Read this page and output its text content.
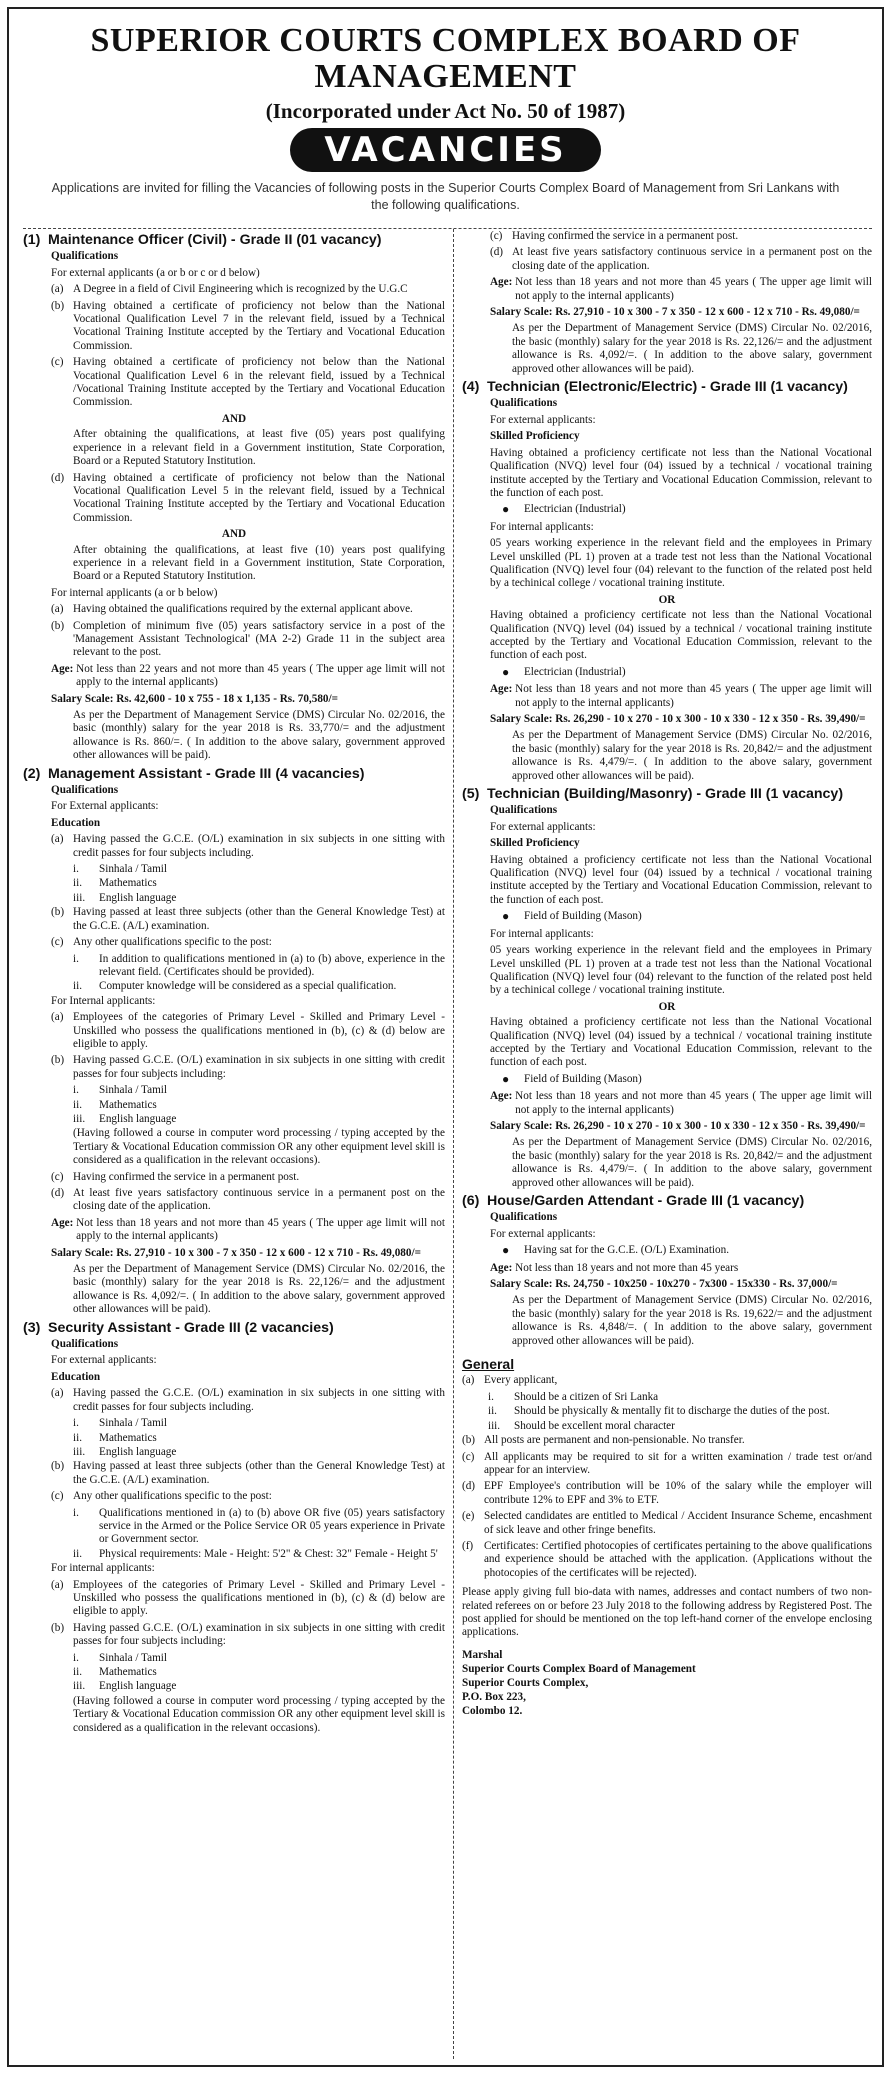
SUPERIOR COURTS COMPLEX BOARD OF
MANAGEMENT
(Incorporated under Act No. 50 of 1987)
VACANCIES
Applications are invited for filling the Vacancies of following posts in the Superior Courts Complex Board of Management from Sri Lankans with the following qualifications.
(1) Maintenance Officer (Civil) - Grade II (01 vacancy)
Qualifications
For external applicants (a or b or c or d below)
(a) A Degree in a field of Civil Engineering which is recognized by the U.G.C
(b) Having obtained a certificate of proficiency not below than the National Vocational Qualification Level 7 in the relevant field, issued by a Technical Vocational Training Institute accepted by the Tertiary and Vocational Education Commission.
(c) Having obtained a certificate of proficiency not below than the National Vocational Qualification Level 6 in the relevant field, issued by a Technical /Vocational Training Institute accepted by the Tertiary and Vocational Education Commission.
AND
After obtaining the qualifications, at least five (05) years post qualifying experience in a relevant field in a Government institution, State Corporation, Board or a Reputed Statutory Institution.
(d) Having obtained a certificate of proficiency not below than the National Vocational Qualification Level 5 in the relevant field, issued by a Technical Vocational Training Institute accepted by the Tertiary and Vocational Education Commission.
AND
After obtaining the qualifications, at least five (10) years post qualifying experience in a relevant field in a Government institution, State Corporation, Board or a Reputed Statutory Institution.
For internal applicants (a or b below)
(a) Having obtained the qualifications required by the external applicant above.
(b) Completion of minimum five (05) years satisfactory service in a post of the 'Management Assistant Technological' (MA 2-2) Grade 11 in the subject area relevant to the post.
Age: Not less than 22 years and not more than 45 years ( The upper age limit will not apply to the internal applicants)
Salary Scale: Rs. 42,600 - 10 x 755 - 18 x 1,135 - Rs. 70,580/=
As per the Department of Management Service (DMS) Circular No. 02/2016, the basic (monthly) salary for the year 2018 is Rs. 33,770/= and the adjustment allowance is Rs. 860/=. ( In addition to the above salary, government approved other allowances will be paid).
(2) Management Assistant - Grade III (4 vacancies)
Qualifications
For External applicants:
Education
(a) Having passed the G.C.E. (O/L) examination in six subjects in one sitting with credit passes for four subjects including.
i.	Sinhala / Tamil
ii.	Mathematics
iii.	English language
(b) Having passed at least three subjects (other than the General Knowledge Test) at the G.C.E. (A/L) examination.
(c) Any other qualifications specific to the post:
i.	In addition to qualifications mentioned in (a) to (b) above, experience in the relevant field. (Certificates should be provided).
ii.	Computer knowledge will be considered as a special qualification.
For Internal applicants:
(a) Employees of the categories of Primary Level - Skilled and Primary Level - Unskilled who possess the qualifications mentioned in (b), (c) & (d) below are eligible to apply.
(b) Having passed G.C.E. (O/L) examination in six subjects in one sitting with credit passes for four subjects including:
i.	Sinhala / Tamil
ii.	Mathematics
iii.	English language
(Having followed a course in computer word processing / typing accepted by the Tertiary & Vocational Education commission OR any other equipment level skill is considered as a qualification in the relevant occasions).
(c) Having confirmed the service in a permanent post.
(d) At least five years satisfactory continuous service in a permanent post on the closing date of the application.
Age: Not less than 18 years and not more than 45 years ( The upper age limit will not apply to the internal applicants)
Salary Scale: Rs. 27,910 - 10 x 300 - 7 x 350 - 12 x 600 - 12 x 710 - Rs. 49,080/=
As per the Department of Management Service (DMS) Circular No. 02/2016, the basic (monthly) salary for the year 2018 is Rs. 22,126/= and the adjustment allowance is Rs. 4,092/=. ( In addition to the above salary, government approved other allowances will be paid).
(3) Security Assistant - Grade III (2 vacancies)
Qualifications
For external applicants:
Education
(a) Having passed the G.C.E. (O/L) examination in six subjects in one sitting with credit passes for four subjects including.
i.	Sinhala / Tamil
ii.	Mathematics
iii.	English language
(b) Having passed at least three subjects (other than the General Knowledge Test) at the G.C.E. (A/L) examination.
(c) Any other qualifications specific to the post:
i.	Qualifications mentioned in (a) to (b) above OR five (05) years satisfactory service in the Armed or the Police Service OR 05 years experience in Private or Government sector.
ii.	Physical requirements: Male - Height: 5'2" & Chest: 32" Female - Height 5'
For internal applicants:
(a) Employees of the categories of Primary Level - Skilled and Primary Level - Unskilled who possess the qualifications mentioned in (b), (c) & (d) below are eligible to apply.
(b) Having passed G.C.E. (O/L) examination in six subjects in one sitting with credit passes for four subjects including:
i.	Sinhala / Tamil
ii.	Mathematics
iii.	English language
(Having followed a course in computer word processing / typing accepted by the Tertiary & Vocational Education commission OR any other equipment level skill is considered as a qualification in the relevant occasions).
(c) Having confirmed the service in a permanent post.
(d) At least five years satisfactory continuous service in a permanent post on the closing date of the application.
Age: Not less than 18 years and not more than 45 years ( The upper age limit will not apply to the internal applicants)
Salary Scale: Rs. 27,910 - 10 x 300 - 7 x 350 - 12 x 600 - 12 x 710 - Rs. 49,080/=
As per the Department of Management Service (DMS) Circular No. 02/2016, the basic (monthly) salary for the year 2018 is Rs. 22,126/= and the adjustment allowance is Rs. 4,092/=. ( In addition to the above salary, government approved other allowances will be paid).
(4) Technician (Electronic/Electric) - Grade III (1 vacancy)
Qualifications
For external applicants:
Skilled Proficiency
Having obtained a proficiency certificate not less than the National Vocational Qualification (NVQ) level four (04) issued by a technical / vocational training institute accepted by the Tertiary and Vocational Education Commission, relevant to the function of each post.
●	Electrician (Industrial)
For internal applicants:
05 years working experience in the relevant field and the employees in Primary Level unskilled (PL 1) proven at a trade test not less than the National Vocational Qualification (NVQ) level four (04) relevant to the function of the related post held by a techinical college / vocational training institute.
OR
Having obtained a proficiency certificate not less than the National Vocational Qualification (NVQ) level (04) issued by a technical / vocational training institute accepted by the Tertiary and Vocational Education Commission, relevant to the function of each post.
●	Electrician (Industrial)
Age: Not less than 18 years and not more than 45 years ( The upper age limit will not apply to the internal applicants)
Salary Scale: Rs. 26,290 - 10 x 270 - 10 x 300 - 10 x 330 - 12 x 350 - Rs. 39,490/=
As per the Department of Management Service (DMS) Circular No. 02/2016, the basic (monthly) salary for the year 2018 is Rs. 20,842/= and the adjustment allowance is Rs. 4,479/=. ( In addition to the above salary, government approved other allowances will be paid).
(5) Technician (Building/Masonry) - Grade III (1 vacancy)
Qualifications
For external applicants:
Skilled Proficiency
Having obtained a proficiency certificate not less than the National Vocational Qualification (NVQ) level four (04) issued by a technical / vocational training institute accepted by the Tertiary and Vocational Education Commission, relevant to the function of each post.
●	Field of Building (Mason)
For internal applicants:
05 years working experience in the relevant field and the employees in Primary Level unskilled (PL 1) proven at a trade test not less than the National Vocational Qualification (NVQ) level four (04) relevant to the function of the related post held by a techinical college / vocational training institute.
OR
Having obtained a proficiency certificate not less than the National Vocational Qualification (NVQ) level (04) issued by a technical / vocational training institute accepted by the Tertiary and Vocational Education Commission, relevant to the function of each post.
●	Field of Building (Mason)
Age: Not less than 18 years and not more than 45 years ( The upper age limit will not apply to the internal applicants)
Salary Scale: Rs. 26,290 - 10 x 270 - 10 x 300 - 10 x 330 - 12 x 350 - Rs. 39,490/=
As per the Department of Management Service (DMS) Circular No. 02/2016, the basic (monthly) salary for the year 2018 is Rs. 20,842/= and the adjustment allowance is Rs. 4,479/=. ( In addition to the above salary, government approved other allowances will be paid).
(6) House/Garden Attendant - Grade III (1 vacancy)
Qualifications
For external applicants:
●	Having sat for the G.C.E. (O/L) Examination.
Age: Not less than 18 years and not more than 45 years
Salary Scale: Rs. 24,750 - 10x250 - 10x270 - 7x300 - 15x330 - Rs. 37,000/=
As per the Department of Management Service (DMS) Circular No. 02/2016, the basic (monthly) salary for the year 2018 is Rs. 19,622/= and the adjustment allowance is Rs. 4,848/=. ( In addition to the above salary, government approved other allowances will be paid).
General
(a) Every applicant,
i.	Should be a citizen of Sri Lanka
ii.	Should be physically & mentally fit to discharge the duties of the post.
iii.	Should be excellent moral character
(b) All posts are permanent and non-pensionable. No transfer.
(c) All applicants may be required to sit for a written examination / trade test or/and appear for an interview.
(d) EPF Employee's contribution will be 10% of the salary while the employer will contribute 12% to EPF and 3% to ETF.
(e) Selected candidates are entitled to Medical / Accident Insurance Scheme, encashment of sick leave and other fringe benefits.
(f) Certificates: Certified photocopies of certificates pertaining to the above qualifications and experience should be attached with the application. (Applications without the photocopies of the certificates will be rejected).
Please apply giving full bio-data with names, addresses and contact numbers of two non-related referees on or before 23 July 2018 to the following address by Registered Post. The post applied for should be mentioned on the top left-hand corner of the envelope enclosing applications.
Marshal
Superior Courts Complex Board of Management
Superior Courts Complex,
P.O. Box 223,
Colombo 12.
